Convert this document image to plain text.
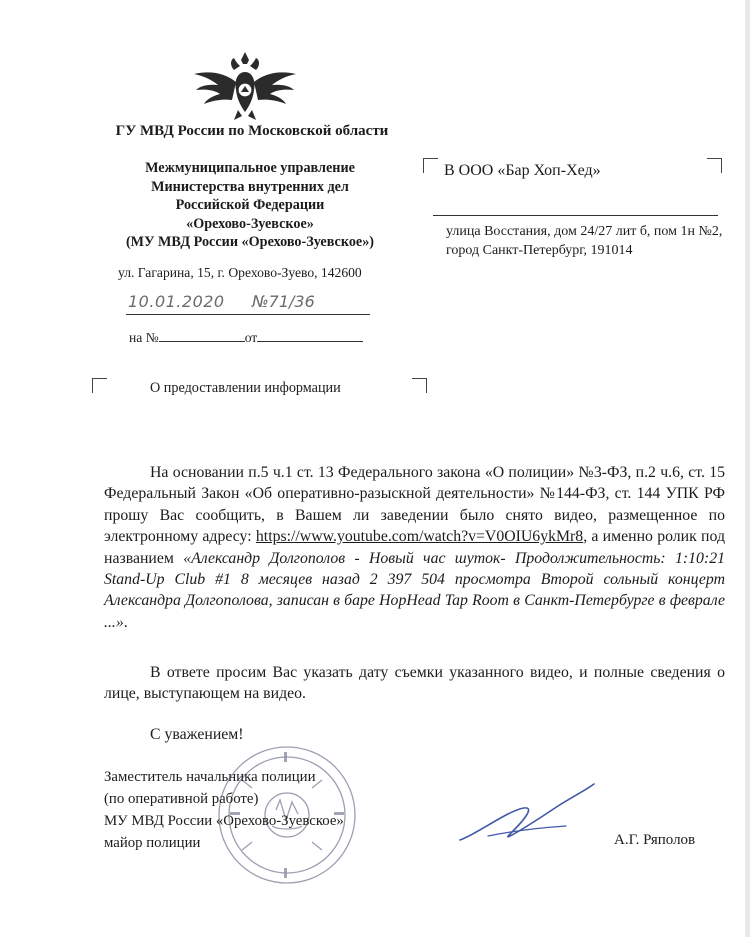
ГУ МВД России по Московской области
Межмуниципальное управление
Министерства внутренних дел
Российской Федерации
«Орехово-Зуевское»
(МУ МВД России «Орехово-Зуевское»)
ул. Гагарина, 15, г. Орехово-Зуево, 142600
10.01.2020 №71/36
на №	от
О предоставлении информации
В ООО «Бар Хоп-Хед»
улица Восстания, дом 24/27 лит б, пом 1н №2, город Санкт-Петербург, 191014
На основании п.5 ч.1 ст. 13 Федерального закона «О полиции» №3-ФЗ, п.2 ч.6, ст. 15 Федеральный Закон «Об оперативно-разыскной деятельности» №144-ФЗ, ст. 144 УПК РФ прошу Вас сообщить, в Вашем ли заведении было снято видео, размещенное по электронному адресу: https://www.youtube.com/watch?v=V0OIU6ykMr8, а именно ролик под названием «Александр Долгополов - Новый час шуток- Продолжительность: 1:10:21 Stand-Up Club #1 8 месяцев назад 2 397 504 просмотра Второй сольный концерт Александра Долгополова, записан в баре HopHead Tap Room в Санкт-Петербурге в феврале ...».
В ответе просим Вас указать дату съемки указанного видео, и полные сведения о лице, выступающем на видео.
С уважением!
Заместитель начальника полиции
(по оперативной работе)
МУ МВД России «Орехово-Зуевское»
майор полиции	А.Г. Ряполов
